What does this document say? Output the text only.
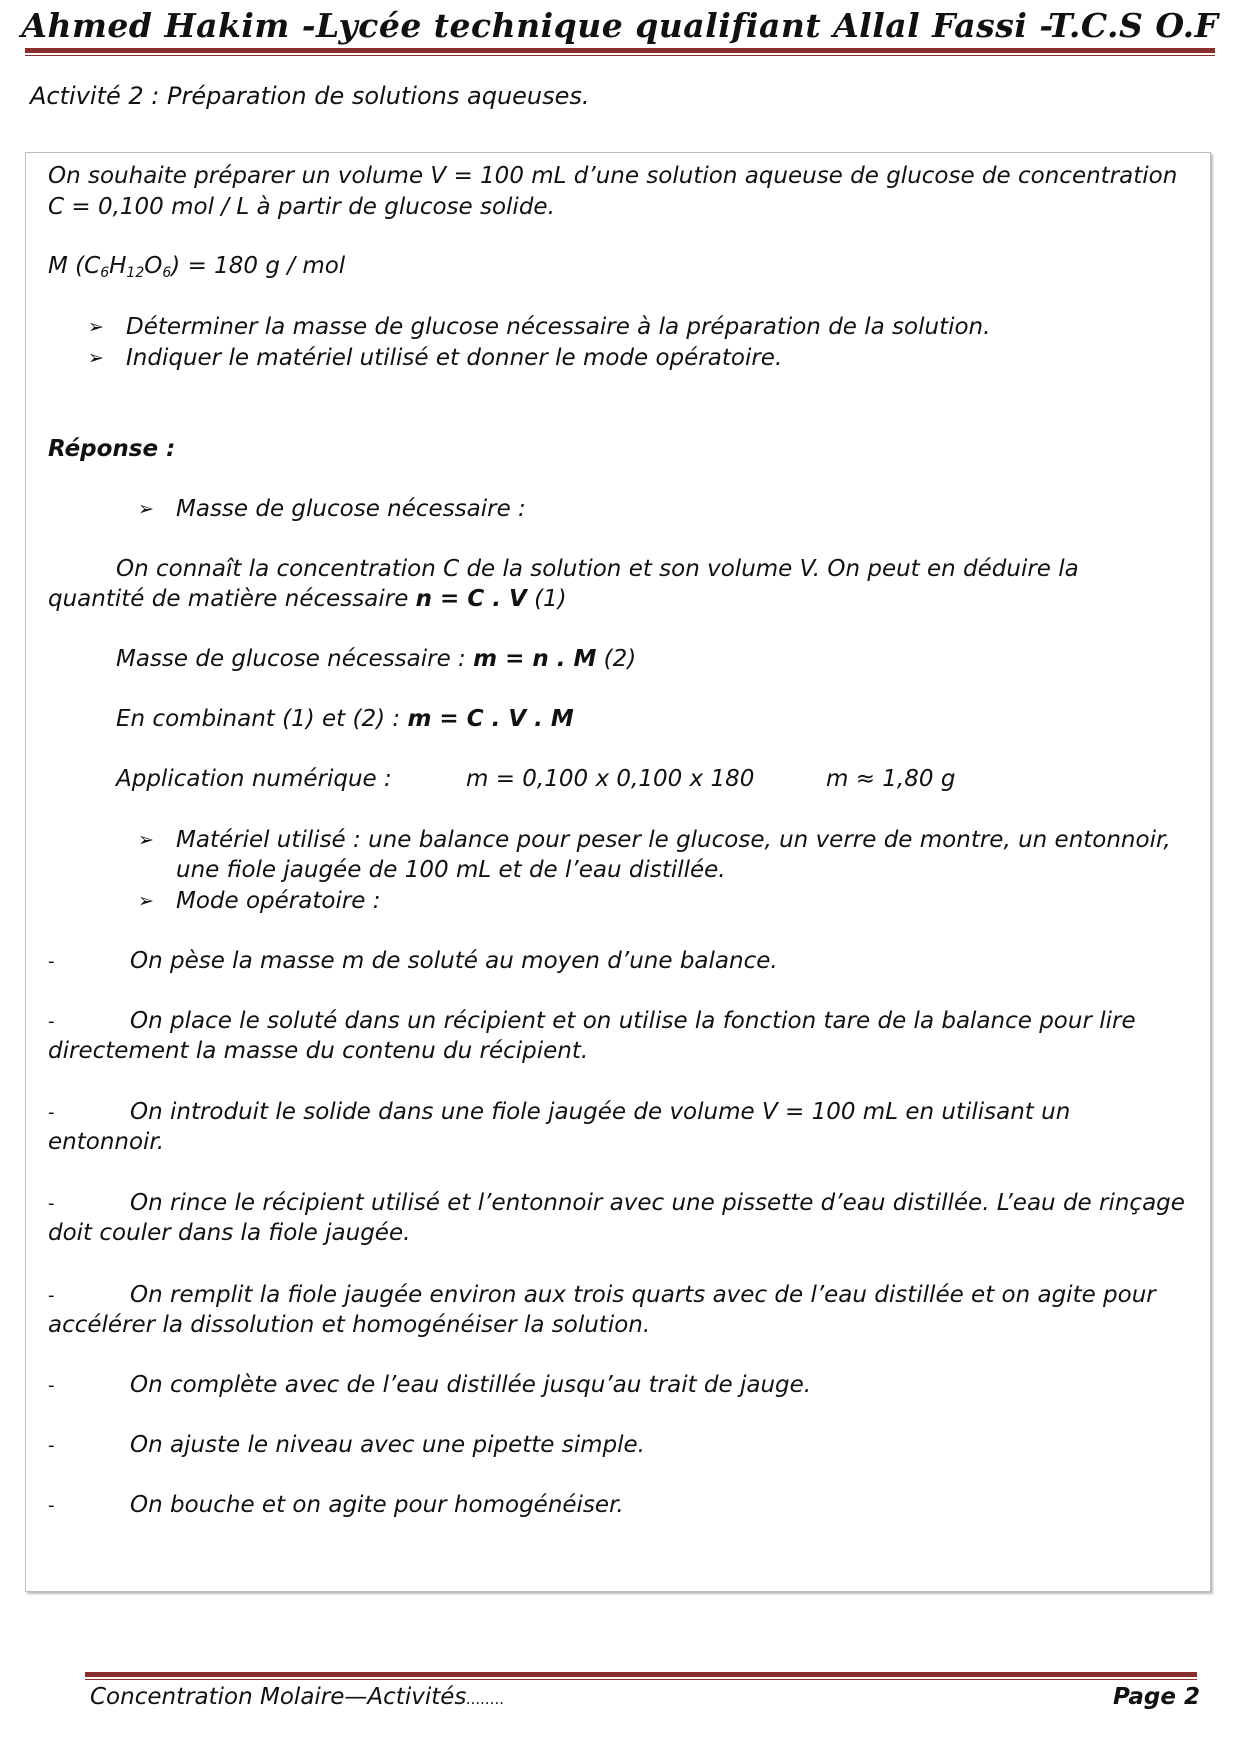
Ahmed Hakim -Lycée technique qualifiant Allal Fassi -T.C.S O.F
Activité 2 : Préparation de solutions aqueuses.
On souhaite préparer un volume V = 100 mL d’une solution aqueuse de glucose de concentration
C = 0,100 mol / L à partir de glucose solide.
M $(C_6H_{12}O_6) = 180$ g / mol
➢ Déterminer la masse de glucose nécessaire à la préparation de la solution.
➢ Indiquer le matériel utilisé et donner le mode opératoire.
Réponse :
➢ Masse de glucose nécessaire :
On connaît la concentration C de la solution et son volume V. On peut en déduire la
quantité de matière nécessaire n = C . V (1)
Masse de glucose nécessaire : m = n . M (2)
En combinant (1) et (2) : m = C . V . M
Application numérique :	m = 0,100 x 0,100 x 180	m ≈ 1,80 g
➢ Matériel utilisé : une balance pour peser le glucose, un verre de montre, un entonnoir,
une fiole jaugée de 100 mL et de l’eau distillée.
➢ Mode opératoire :
-	On pèse la masse m de soluté au moyen d’une balance.
-	On place le soluté dans un récipient et on utilise la fonction tare de la balance pour lire
directement la masse du contenu du récipient.
-	On introduit le solide dans une fiole jaugée de volume V = 100 mL en utilisant un
entonnoir.
-	On rince le récipient utilisé et l’entonnoir avec une pissette d’eau distillée. L’eau de rinçage
doit couler dans la fiole jaugée.
-	On remplit la fiole jaugée environ aux trois quarts avec de l’eau distillée et on agite pour
accélérer la dissolution et homogénéiser la solution.
-	On complète avec de l’eau distillée jusqu’au trait de jauge.
-	On ajuste le niveau avec une pipette simple.
-	On bouche et on agite pour homogénéiser.
Concentration Molaire—Activités........	Page 2
